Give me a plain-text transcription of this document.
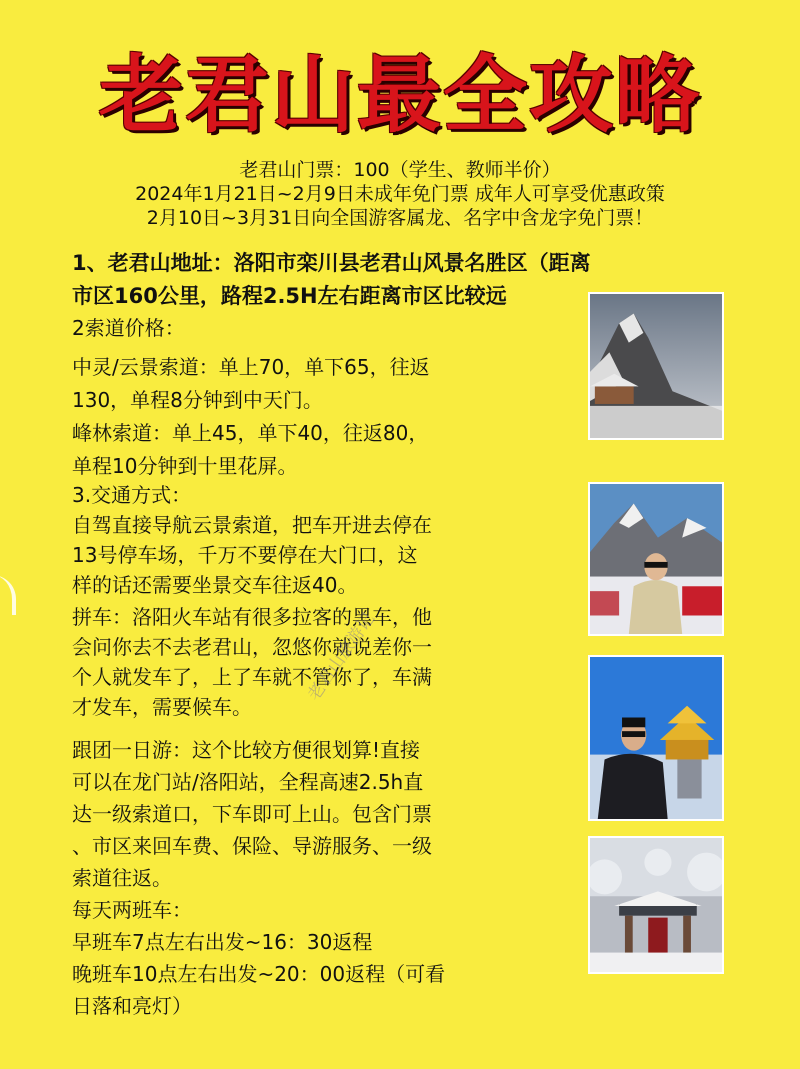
老君山最全攻略
老君山门票：100（学生、教师半价）
2024年1月21日~2月9日未成年免门票 成年人可享受优惠政策
2月10日~3月31日向全国游客属龙、名字中含龙字免门票！
1、老君山地址：洛阳市栾川县老君山风景名胜区（距离
市区160公里，路程2.5H左右距离市区比较远
2索道价格：
中灵/云景索道：单上70，单下65，往返
130，单程8分钟到中天门。
峰林索道：单上45，单下40，往返80，
单程10分钟到十里花屏。
3.交通方式：
自驾直接导航云景索道，把车开进去停在
13号停车场，千万不要停在大门口，这
样的话还需要坐景交车往返40。
拼车：洛阳火车站有很多拉客的黑车，他
会问你去不去老君山，忽悠你就说差你一
个人就发车了，上了车就不管你了，车满
才发车，需要候车。
跟团一日游：这个比较方便很划算!直接
可以在龙门站/洛阳站，全程高速2.5h直
达一级索道口，下车即可上山。包含门票
、市区来回车费、保险、导游服务、一级
索道往返。
每天两班车：
早班车7点左右出发~16：30返程
晚班车10点左右出发~20：00返程（可看
日落和亮灯）
老君山旅游记
